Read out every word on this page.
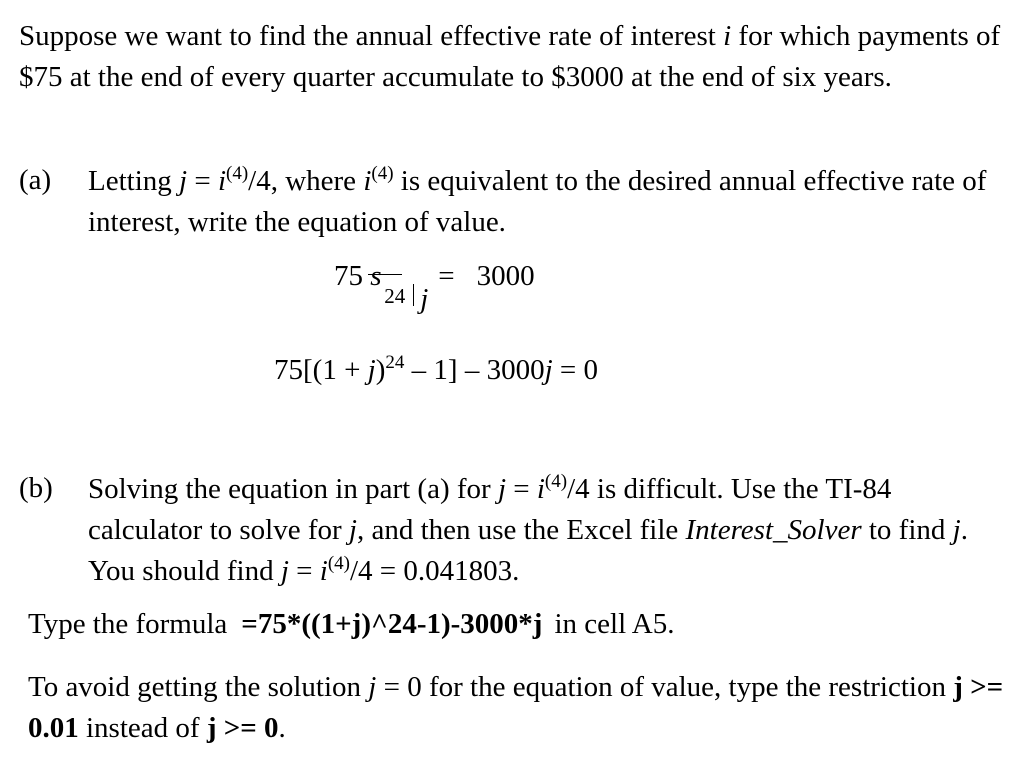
Suppose we want to find the annual effective rate of interest i for which payments of $75 at the end of every quarter accumulate to $3000 at the end of six years.
(a) Letting $j = i^{(4)}/4$, where $i^{(4)}$ is equivalent to the desired annual effective rate of interest, write the equation of value.
75 s
24 j
= 3000
$75[(1 + j)^{24} - 1] - 3000j = 0$
(b) Solving the equation in part (a) for $j = i^{(4)}/4$ is difficult. Use the TI-84 calculator to solve for j, and then use the Excel file Interest_Solver to find j. You should find $j = i^{(4)}/4 = 0.041803$.
Type the formula =75*((1+j)^24-1)-3000*j in cell A5.
To avoid getting the solution j = 0 for the equation of value, type the restriction j >= 0.01 instead of j >= 0.
